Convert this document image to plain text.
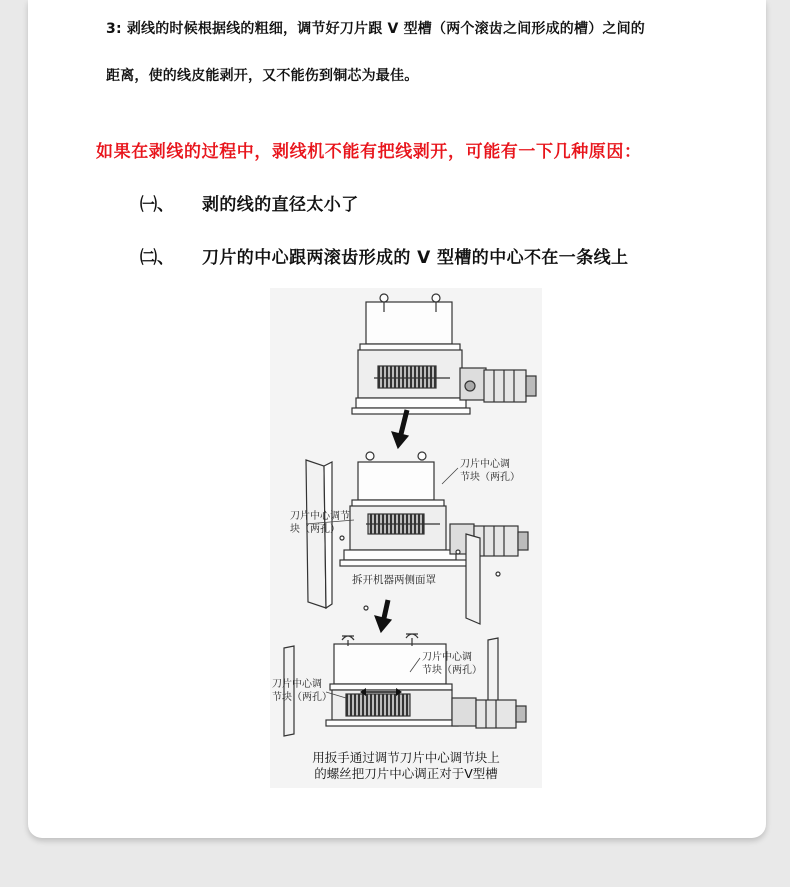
3: 剥线的时候根据线的粗细，调节好刀片跟 V 型槽（两个滚齿之间形成的槽）之间的

距离，使的线皮能剥开，又不能伤到铜芯为最佳。

如果在剥线的过程中，剥线机不能有把线剥开，可能有一下几种原因：

㈠、 剥的线的直径太小了
㈡、 刀片的中心跟两滚齿形成的 V 型槽的中心不在一条线上
刀片中心调
节块（两孔）
刀片中心调节
块（两孔）
拆开机器两侧面罩
刀片中心调
节块（两孔）
刀片中心调
节块（两孔）
用扳手通过调节刀片中心调节块上
的螺丝把刀片中心调正对于V型槽
